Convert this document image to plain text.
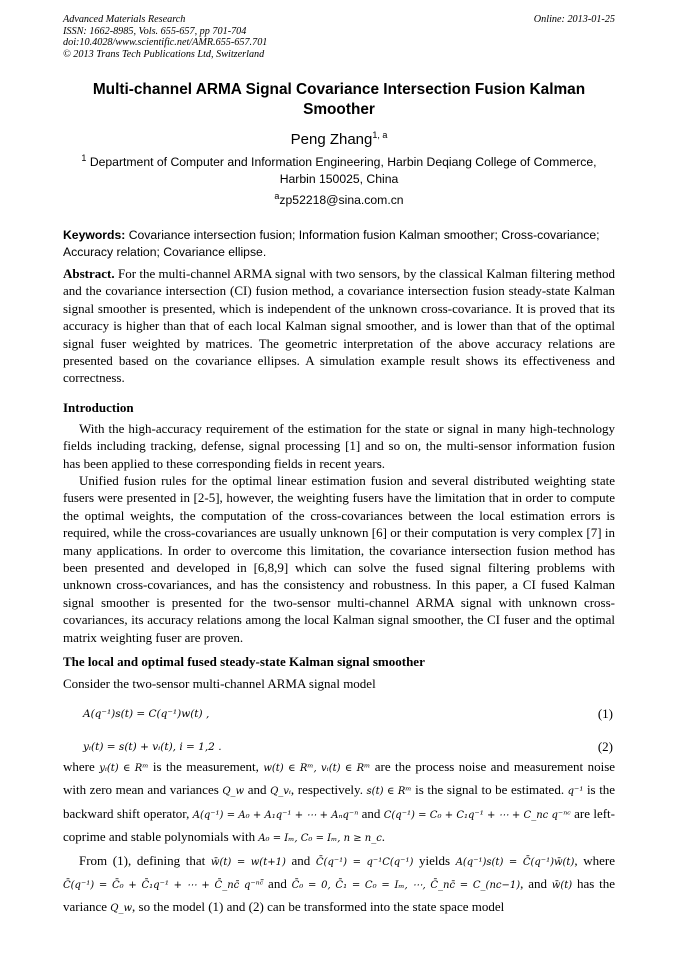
Advanced Materials Research
ISSN: 1662-8985, Vols. 655-657, pp 701-704
doi:10.4028/www.scientific.net/AMR.655-657.701
© 2013 Trans Tech Publications Ltd, Switzerland
Online: 2013-01-25
Multi-channel ARMA Signal Covariance Intersection Fusion Kalman Smoother
Peng Zhang$^{1, a}$
$^1$ Department of Computer and Information Engineering, Harbin Deqiang College of Commerce, Harbin 150025, China
$^a$zp52218@sina.com.cn
Keywords: Covariance intersection fusion; Information fusion Kalman smoother; Cross-covariance; Accuracy relation; Covariance ellipse.
Abstract. For the multi-channel ARMA signal with two sensors, by the classical Kalman filtering method and the covariance intersection (CI) fusion method, a covariance intersection fusion steady-state Kalman signal smoother is presented, which is independent of the unknown cross-covariance. It is proved that its accuracy is higher than that of each local Kalman signal smoother, and is lower than that of the optimal signal fuser weighted by matrices. The geometric interpretation of the above accuracy relations are presented based on the covariance ellipses. A simulation example result shows its effectiveness and correctness.
Introduction
With the high-accuracy requirement of the estimation for the state or signal in many high-technology fields including tracking, defense, signal processing [1] and so on, the multi-sensor information fusion has been applied to these corresponding fields in recent years.
Unified fusion rules for the optimal linear estimation fusion and several distributed weighting state fusers were presented in [2-5], however, the weighting fusers have the limitation that in order to compute the optimal weights, the computation of the cross-covariances between the local estimation errors is required, while the cross-covariances are usually unknown [6] or their computation is very complex [7] in many applications. In order to overcome this limitation, the covariance intersection fusion method has been presented and developed in [6,8,9] which can solve the fused signal filtering problems with unknown cross-covariances, and has the consistency and robustness. In this paper, a CI fused Kalman signal smoother is presented for the two-sensor multi-channel ARMA signal with unknown cross-covariances, its accuracy relations among the local Kalman signal smoother, the CI fuser and the optimal matrix weighting fuser are proven.
The local and optimal fused steady-state Kalman signal smoother
Consider the two-sensor multi-channel ARMA signal model
A(q⁻¹)s(t) = C(q⁻¹)w(t) ,	(1)
yᵢ(t) = s(t) + vᵢ(t), i = 1,2 .	(2)
where yᵢ(t) ∈ Rᵐ is the measurement, w(t) ∈ Rᵐ, vᵢ(t) ∈ Rᵐ are the process noise and measurement noise with zero mean and variances Q_w and Q_vᵢ, respectively. s(t) ∈ Rᵐ is the signal to be estimated. q⁻¹ is the backward shift operator, A(q⁻¹) = A₀ + A₁q⁻¹ + ⋯ + Aₙq⁻ⁿ and C(q⁻¹) = C₀ + C₁q⁻¹ + ⋯ + C_nc q⁻ⁿᶜ are left-coprime and stable polynomials with A₀ = Iₘ, C₀ = Iₘ, n ≥ n_c.
From (1), defining that w̄(t) = w(t+1) and C̄(q⁻¹) = q⁻¹C(q⁻¹) yields A(q⁻¹)s(t) = C̄(q⁻¹)w̄(t), where C̄(q⁻¹) = C̄₀ + C̄₁q⁻¹ + ⋯ + C̄_nc̄ q⁻ⁿᶜ̄ and C̄₀ = 0, C̄₁ = C₀ = Iₘ, ⋯, C̄_nc̄ = C_(nc−1), and w̄(t) has the variance Q_w, so the model (1) and (2) can be transformed into the state space model
